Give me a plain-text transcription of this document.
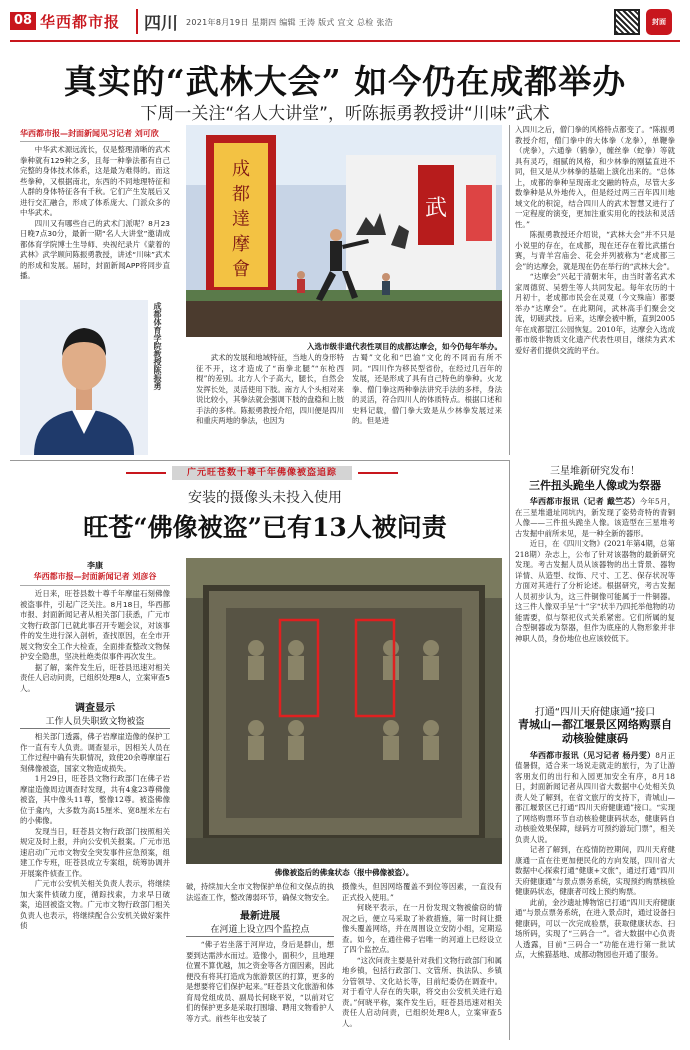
08 华西都市报	四川 2021年8月19日 星期四 编辑 王涛 版式 宜文 总检 张浩	封面
真实的“武林大会” 如今仍在成都举办
下周一关注“名人大讲堂”，听陈振勇教授讲“川味”武术
华西都市报—封面新闻见习记者 刘可欣

中华武术源远流长，仅是整理清晰的武术拳种就有129种之多，且每一种拳法都有自己完整的身体技术体系，这是最为难得的。而这些拳种，又根据南北，东西的不同地理特征和人群的身体特征各有千秋。它们产生发展后又进行交汇融合，形成了体系庞大、门派众多的中华武术。

四川又有哪些自己的武术门派呢？8月23日晚7点30分，最新一期“名人大讲堂”邀请成都体育学院博士生导师、央视纪录片《蒙着的武林》武学顾问陈振勇教授，讲述“川味”武术的形成和发展。届时，封面新闻APP将同步直播。

成
都
達
摩
會
武
入选市级非遗代表性项目的成都达摩会，如今仍每年举办。
成都体育学院教授陈振勇	武术的发展和地域特征，当地人的身形特征不开，这才造成了“南拳北腿”“东枪西棍”的差别。北方人个子高大，腿长，自然会发挥长处，灵活使用下肢。南方人个头相对来说比较小，其拳法就会强调下肢的盘稳和上肢手法的多样。陈振勇教授介绍，四川便是四川和重庆两地的拳法，也因为

古蜀”文化和“巴渝”文化的不同而有所不同。“四川作为移民型省份，在经过几百年的发展，还是形成了具有自己特色的拳种。火龙拳、僧门拳这两种拳法讲究手法的多样，身法的灵活，符合四川人的体质特点。根据口述和史料记载，僧门拳大致是从少林拳发展过来的。但是进

入四川之后，僧门拳的风格特点都变了。“陈振勇教授介绍，僧门拳中的大体拳（龙拳），单鞭拳（虎拳），六通拳（鹤拳），缠丝拳（蛇拳）等就具有灵巧，细腻的风格，和少林拳的刚猛直进不同，但又是从少林拳的基础上演化出来的。“总体上，成都的拳种呈现南北交融的特点，尽管大多数拳种是从外地传入，但是经过两三百年四川地域文化的积淀，结合四川人的武术智慧又进行了一定程度的演变，更加注重实用化的技法和灵活性。”

陈振勇教授还介绍说，“武林大会”并不只是小说里的存在，在成都，现在还存在着比武擂台赛，与青羊宫庙会、花会并列被称为“老成都三会”的达摩会，就是现在仍在举行的“武林大会”。

“达摩会”兴起于清朝末年，由当时著名武术家周德贸、吴碧生等人共同发起。每年农历的十月初十，老成都市民会在灵观（今文殊庙）都要举办“达摩会”。在此期间，武林高手们聚会交流，切磋武技。后来，达摩会被中断，直到2005年在成都望江公园恢复。2010年，达摩会入选成都市级非物质文化遗产代表性项目，继续为武术爱好者们提供交流的平台。

广元旺苍数十尊千年佛像被盗追踪
安装的摄像头未投入使用
旺苍“佛像被盗”已有13人被问责
李康
华西都市报—封面新闻记者 刘彦谷

近日来，旺苍县数十尊千年摩崖石刻佛像被盗事件，引起广泛关注。8月18日，华西都市报、封面新闻记者从相关部门获悉，广元市文物行政部门已就此事召开专题会议，对该事件的发生进行深入剖析，查找原因，在全市开展文物安全工作大检查，全面排查整改文物保护安全隐患，坚决杜绝类似事件再次发生。

据了解，案件发生后，旺苍县迅速对相关责任人启动问责，已组织处理8人，立案审查5人。

调查显示
工作人员失职致文物被盗

相关部门透露，佛子岩摩崖造像的保护工作一直有专人负责。调查显示，因相关人员在工作过程中确有失职情况，致使20余尊摩崖石刻佛像被盗，国家文物造成损失。

1月29日，旺苍县文物行政部门在佛子岩摩崖造像周边调查时发现，共有4龛23尊佛像被盗，其中像头11尊，整像12尊。被盗佛像位于龛内，大多数为高15厘米、宽8厘米左右的小佛像。

发现当日，旺苍县文物行政部门按照相关规定及时上报，并向公安机关报案。广元市迅速启动广元市文物安全突发事件应急预案，组建工作专班，旺苍县成立专案组，统筹协调并开展案件侦查工作。

广元市公安机关相关负责人表示，将继续加大案件侦破力度，循踪找索，力求早日破案，追回被盗文物。广元市文物行政部门相关负责人也表示，将继续配合公安机关做好案件侦

佛像被盗后的佛龛状态（报中佛像被盗）。

破，持续加大全市文物保护单位和文保点的执法巡查工作，整改薄弱环节，确保文物安全。

最新进展
在河道上设立四个监控点

“佛子岩坐落于河岸边，身后是群山，想要到达需涉水而过。造像小，面积少，且地理位置不算优越，加之资金等各方面因素，因此便没有将其打造成为旅游景区的打算，更多的是想要将它们保护起来。”旺苍县文化旅游和体育局党组成员、副局长何晓平说，“以前对它们的保护更多是采取打围墙、聘用文物看护人等方式。前些年也安装了

摄像头，但因网络覆盖不到位等因素，一直没有正式投入使用。”

何晓平表示，在一月份发现文物被偷窃的情况之后，便立马采取了补救措施，第一时间让摄像头覆盖网络，并在周围设立安防小组，定期巡查。如今，在通往佛子岩唯一的河道上已经设立了四个监控点。

“这次问责主要是针对我们文物行政部门和属地乡镇，包括行政部门、文管所、执法队、乡镇分管领导、文化站长等，目前纪委仍在调查中。对于看守人存在的失职，将交由公安机关进行追责。”何晓平称，案件发生后，旺苍县迅速对相关责任人启动问责，已组织处理8人，立案审查5人。

三星堆新研究发布！
三件扭头跪坐人像或为祭器

华西都市报讯（记者 戴竺芯）今年5月，在三星堆遗址同坑内，新发现了姿势奇特的青铜人像——三件扭头跪坐人像。该造型在三星堆考古发掘中前所未见，是一种全新的器形。

近日，在《四川文物》(2021年第4期，总第218期）杂志上，公布了针对该器物的最新研究发现。考古发掘人员从该器物的出土背景、器物详情、从造型、纹饰、尺寸、工艺、保存状况等方面对其进行了分析论述。根据研究，考古发掘人员初步认为，这三件铜像可能属于一件铜器。这三件人像双手呈“十”字“状半乃四托举他物的功能需要，似与祭祀仪式关系紧密。它们所属的复合型铜器或为祭器，但作为底座的人物形象并非神职人员，身份地位也应该较低下。

打通“四川天府健康通”接口
青城山—都江堰景区网络购票自动核验健康码

华西都市报讯（见习记者 杨丹雯）8月正值暑假，适合来一场说走就走的旅行，为了让游客朋友们的出行和入园更加安全有序，8月18日，封面新闻记者从四川省大数据中心处相关负责人处了解到，在省文旅厅的支持下，青城山—都江堰景区已打通“四川天府健康通”接口。“实现了网络购票环节自动核验健康码状态，健康码自动核验效果保障，绿码方可预约游玩门票”，相关负责人说。

记者了解到，在疫情防控期间，四川天府健康通一直在往更加便民化的方向发展，四川省大数据中心探索打通“健康+文旅”，通过打通“四川天府健康通”与景点票务系统，实现预约购票核验健康码状态，健康者可线上预约购票。

此前，金沙遗址博物馆已打通“四川天府健康通”与景点票务系统，在进入景点时，通过设备扫健康码，可以一次完成验票，获取健康状态、扫场所码，实现了“三码合一”。省大数据中心负责人透露，目前“三码合一”功能在进行第一批试点，大熊猫基地、成都动物园也开通了服务。
